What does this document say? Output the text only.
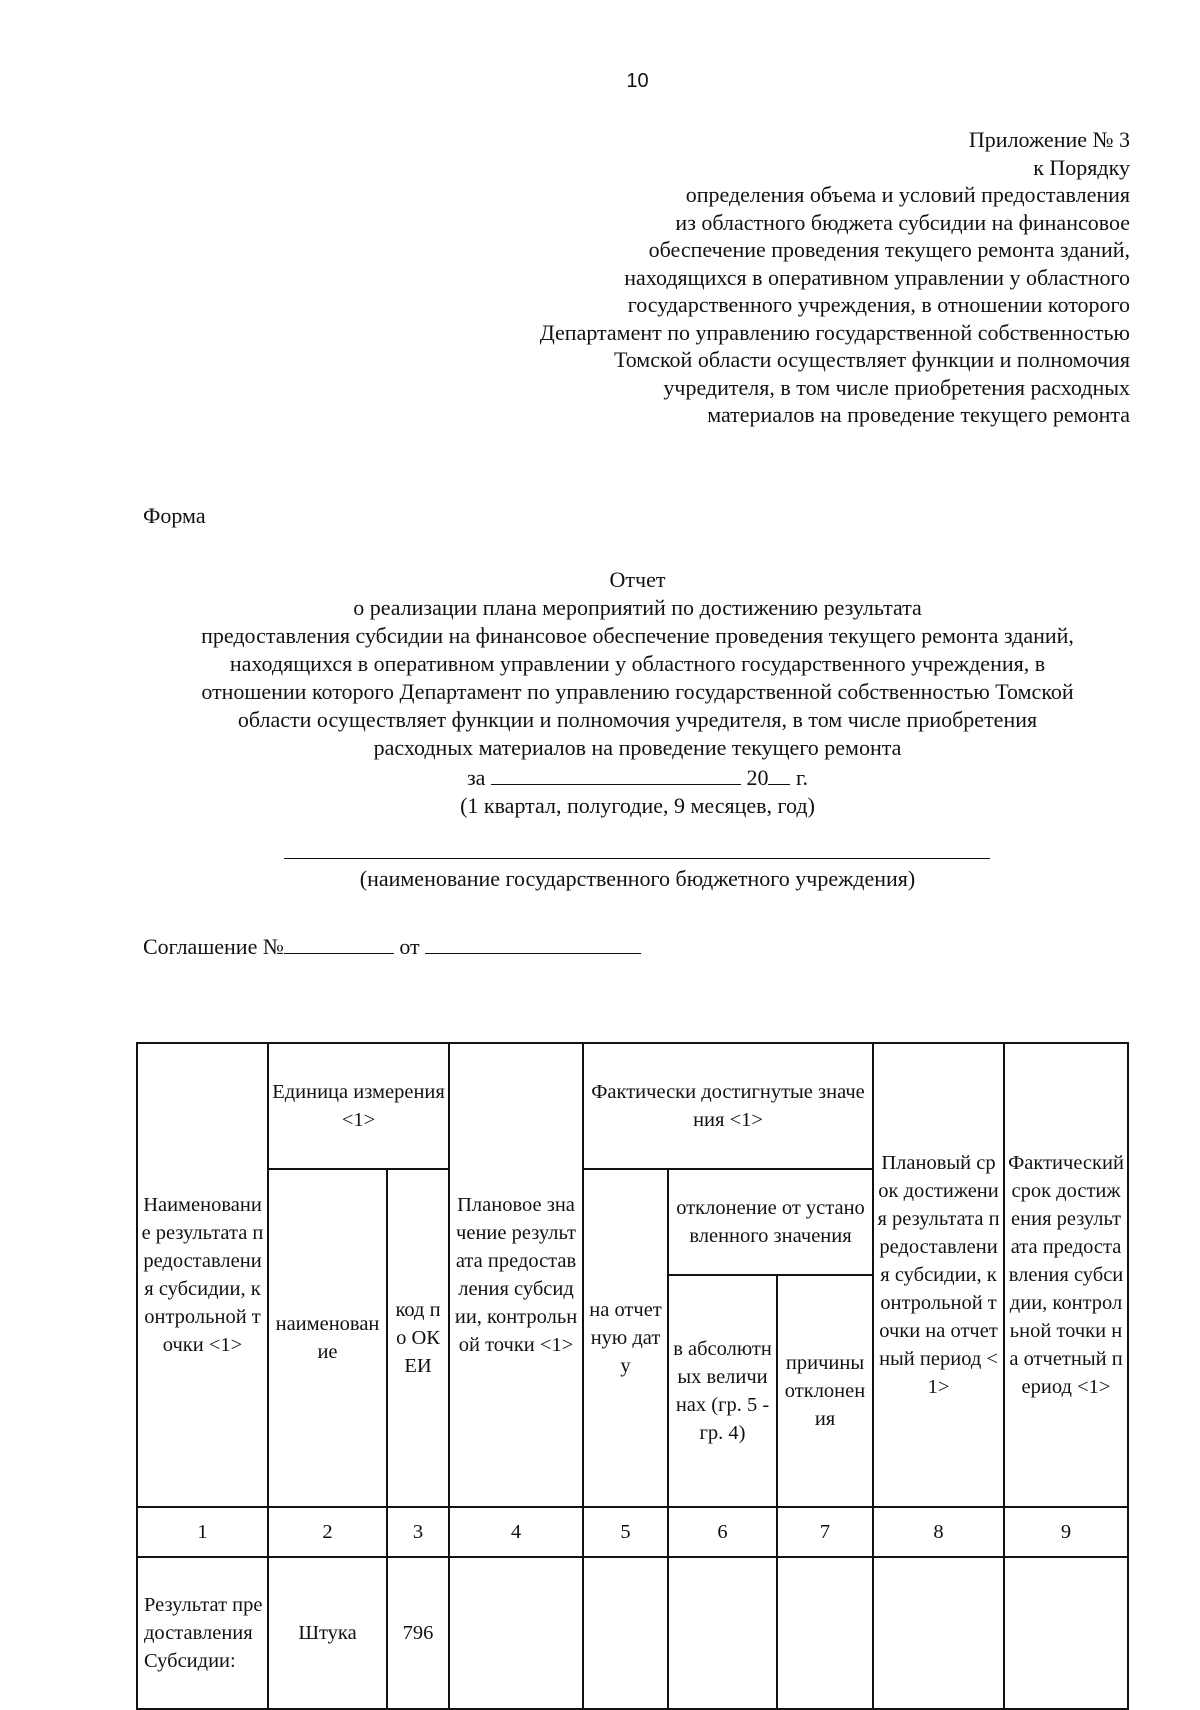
10
Приложение № 3
к Порядку
определения объема и условий предоставления
из областного бюджета субсидии на финансовое
обеспечение проведения текущего ремонта зданий,
находящихся в оперативном управлении у областного
государственного учреждения, в отношении которого
Департамент по управлению государственной собственностью
Томской области осуществляет функции и полномочия
учредителя, в том числе приобретения расходных
материалов на проведение текущего ремонта
Форма
Отчет
о реализации плана мероприятий по достижению результата
предоставления субсидии на финансовое обеспечение проведения текущего ремонта зданий,
находящихся в оперативном управлении у областного государственного учреждения, в
отношении которого Департамент по управлению государственной собственностью Томской
области осуществляет функции и полномочия учредителя, в том числе приобретения
расходных материалов на проведение текущего ремонта
за	20 г.
(1 квартал, полугодие, 9 месяцев, год)
(наименование государственного бюджетного учреждения)
Соглашение №	от
Наименование результата предоставления субсидии, контрольной точки <1>	Единица измерения <1>		Плановое значение результата предоставления субсидии, контрольной точки <1>	Фактически достигнутые значения <1>			Плановый срок достижения результата предоставления субсидии, контрольной точки на отчетный период <1>	Фактический срок достижения результата предоставления субсидии, контрольной точки на отчетный период <1>
	наименование	код по ОКЕИ		на отчетную дату	отклонение от установленного значения			
					в абсолютных величинах (гр. 5 - гр. 4)	причины отклонения		
1	2	3	4	5	6	7	8	9
Результат предоставления Субсидии:	Штука	796						
